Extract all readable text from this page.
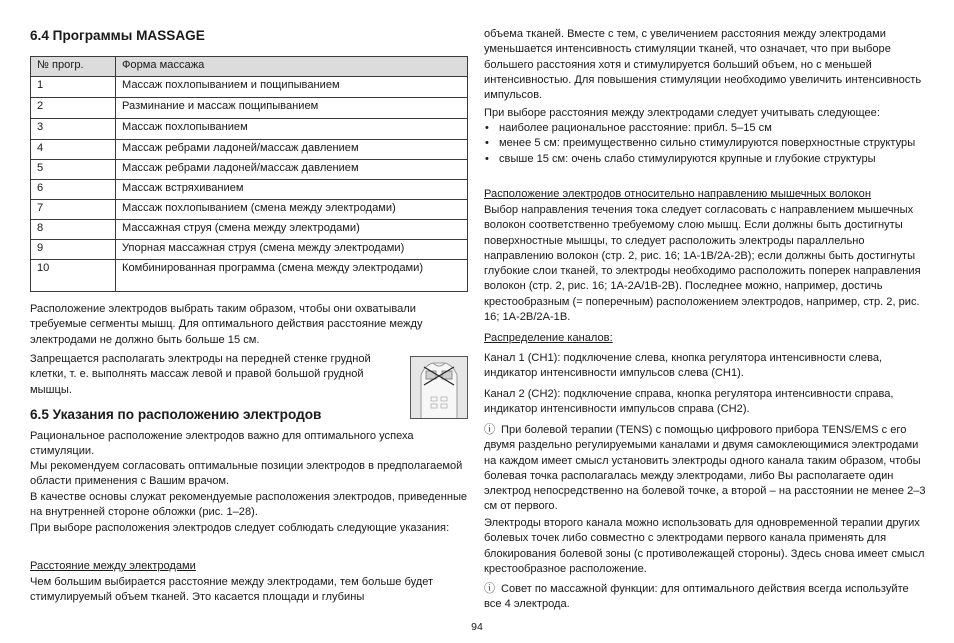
6.4 Программы MASSAGE
№ прогр.	Форма массажа
1	Массаж похлопыванием и пощипыванием
2	Разминание и массаж пощипыванием
3	Массаж похлопыванием
4	Массаж ребрами ладоней/массаж давлением
5	Массаж ребрами ладоней/массаж давлением
6	Массаж встряхиванием
7	Массаж похлопыванием (смена между электродами)
8	Массажная струя (смена между электродами)
9	Упорная массажная струя (смена между электродами)
10	Комбинированная программа (смена между электродами)
Расположение электродов выбрать таким образом, чтобы они охватывали требуемые сегменты мышц. Для оптимального действия расстояние между электродами не должно быть больше 15 см.
Запрещается располагать электроды на передней стенке грудной клетки, т. е. выполнять массаж левой и правой большой грудной мышцы.
6.5 Указания по расположению электродов
Рациональное расположение электродов важно для оптимального успеха стимуляции.
Мы рекомендуем согласовать оптимальные позиции электродов в предполагаемой области применения с Вашим врачом.
В качестве основы служат рекомендуемые расположения электродов, приведенные на внутренней стороне обложки (рис. 1–28).
При выборе расположения электродов следует соблюдать следующие указания:
Расстояние между электродами
Чем большим выбирается расстояние между электродами, тем больше будет стимулируемый объем тканей. Это касается площади и глубины
объема тканей. Вместе с тем, с увеличением расстояния между электродами уменьшается интенсивность стимуляции тканей, что означает, что при выборе большего расстояния хотя и стимулируется больший объем, но с меньшей интенсивностью. Для повышения стимуляции необходимо увеличить интенсивность импульсов.
При выборе расстояния между электродами следует учитывать следующее:
• наиболее рациональное расстояние: прибл. 5–15 см
• менее 5 см: преимущественно сильно стимулируются поверхностные структуры
• свыше 15 см: очень слабо стимулируются крупные и глубокие структуры
Расположение электродов относительно направлению мышечных волокон
Выбор направления течения тока следует согласовать с направлением мышечных волокон соответственно требуемому слою мышц. Если должны быть достигнуты поверхностные мышцы, то следует расположить электроды параллельно направлению волокон (стр. 2, рис. 16; 1A-1B/2A-2B); если должны быть достигнуты глубокие слои тканей, то электроды необходимо расположить поперек направления волокон (стр. 2, рис. 16; 1A-2A/1B-2B). Последнее можно, например, достичь крестообразным (= поперечным) расположением электродов, например, стр. 2, рис. 16; 1A-2B/2A-1B.
Распределение каналов:
Канал 1 (CH1): подключение слева, кнопка регулятора интенсивности слева, индикатор интенсивности импульсов слева (CH1).
Канал 2 (CH2): подключение справа, кнопка регулятора интенсивности справа, индикатор интенсивности импульсов справа (CH2).
ⓘ При болевой терапии (TENS) с помощью цифрового прибора TENS/EMS с его двумя раздельно регулируемыми каналами и двумя самоклеющимися электродами на каждом имеет смысл установить электроды одного канала таким образом, чтобы болевая точка располагалась между электродами, либо Вы располагаете один электрод непосредственно на болевой точке, а второй – на расстоянии не менее 2–3 см от первого.
Электроды второго канала можно использовать для одновременной терапии других болевых точек либо совместно с электродами первого канала применять для блокирования болевой зоны (с противолежащей стороны). Здесь снова имеет смысл крестообразное расположение.
ⓘ Совет по массажной функции: для оптимального действия всегда используйте все 4 электрода.
94
